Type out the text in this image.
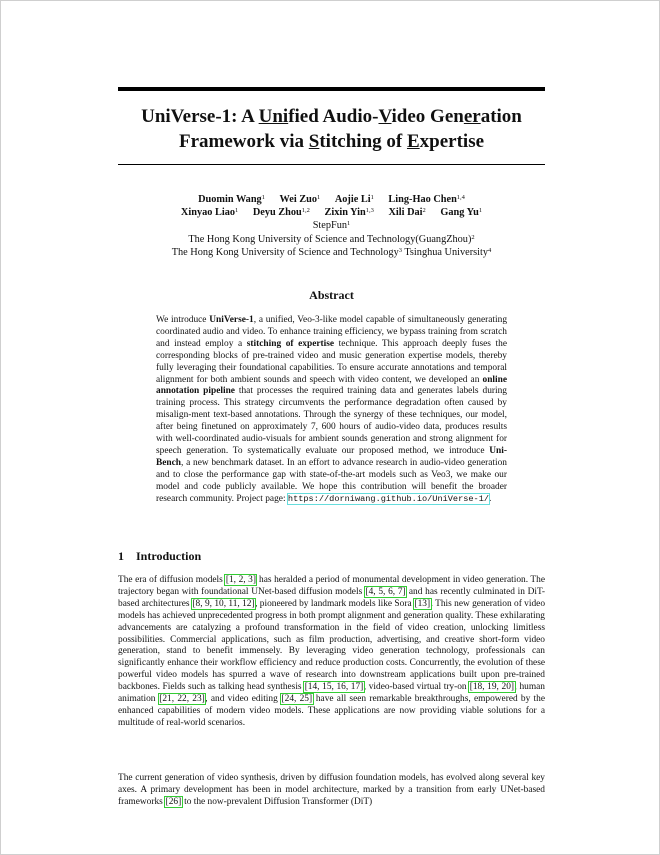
UniVerse-1: A Unified Audio-Video Generation
Framework via Stitching of Expertise
Duomin Wang$^1$ Wei Zuo$^1$ Aojie Li$^1$ Ling-Hao Chen$^{1,4}$
Xinyao Liao$^1$ Deyu Zhou$^{1,2}$ Zixin Yin$^{1,3}$ Xili Dai$^2$ Gang Yu$^1$
StepFun$^1$
The Hong Kong University of Science and Technology(GuangZhou)$^2$
The Hong Kong University of Science and Technology$^3$ Tsinghua University$^4$
Abstract
We introduce UniVerse-1, a unified, Veo-3-like model capable of simultaneously generating coordinated audio and video. To enhance training efficiency, we bypass training from scratch and instead employ a stitching of expertise technique. This approach deeply fuses the corresponding blocks of pre-trained video and music generation expertise models, thereby fully leveraging their foundational capabilities. To ensure accurate annotations and temporal alignment for both ambient sounds and speech with video content, we developed an online annotation pipeline that processes the required training data and generates labels during training process. This strategy circumvents the performance degradation often caused by misalign-ment text-based annotations. Through the synergy of these techniques, our model, after being finetuned on approximately 7, 600 hours of audio-video data, produces results with well-coordinated audio-visuals for ambient sounds generation and strong alignment for speech generation. To systematically evaluate our proposed method, we introduce Uni-Bench, a new benchmark dataset. In an effort to advance research in audio-video generation and to close the performance gap with state-of-the-art models such as Veo3, we make our model and code publicly available. We hope this contribution will benefit the broader research community. Project page: https://dorniwang.github.io/UniVerse-1/.
1 Introduction
The era of diffusion models [1, 2, 3] has heralded a period of monumental development in video generation. The trajectory began with foundational UNet-based diffusion models [4, 5, 6, 7] and has recently culminated in DiT-based architectures [8, 9, 10, 11, 12], pioneered by landmark models like Sora [13]. This new generation of video models has achieved unprecedented progress in both prompt alignment and generation quality. These exhilarating advancements are catalyzing a profound transformation in the field of video creation, unlocking limitless possibilities. Commercial applications, such as film production, advertising, and creative short-form video generation, stand to benefit immensely. By leveraging video generation technology, professionals can significantly enhance their workflow efficiency and reduce production costs. Concurrently, the evolution of these powerful video models has spurred a wave of research into downstream applications built upon pre-trained backbones. Fields such as talking head synthesis [14, 15, 16, 17], video-based virtual try-on [18, 19, 20], human animation [21, 22, 23], and video editing [24, 25] have all seen remarkable breakthroughs, empowered by the enhanced capabilities of modern video models. These applications are now providing viable solutions for a multitude of real-world scenarios.
The current generation of video synthesis, driven by diffusion foundation models, has evolved along several key axes. A primary development has been in model architecture, marked by a transition from early UNet-based frameworks [26] to the now-prevalent Diffusion Transformer (DiT)
